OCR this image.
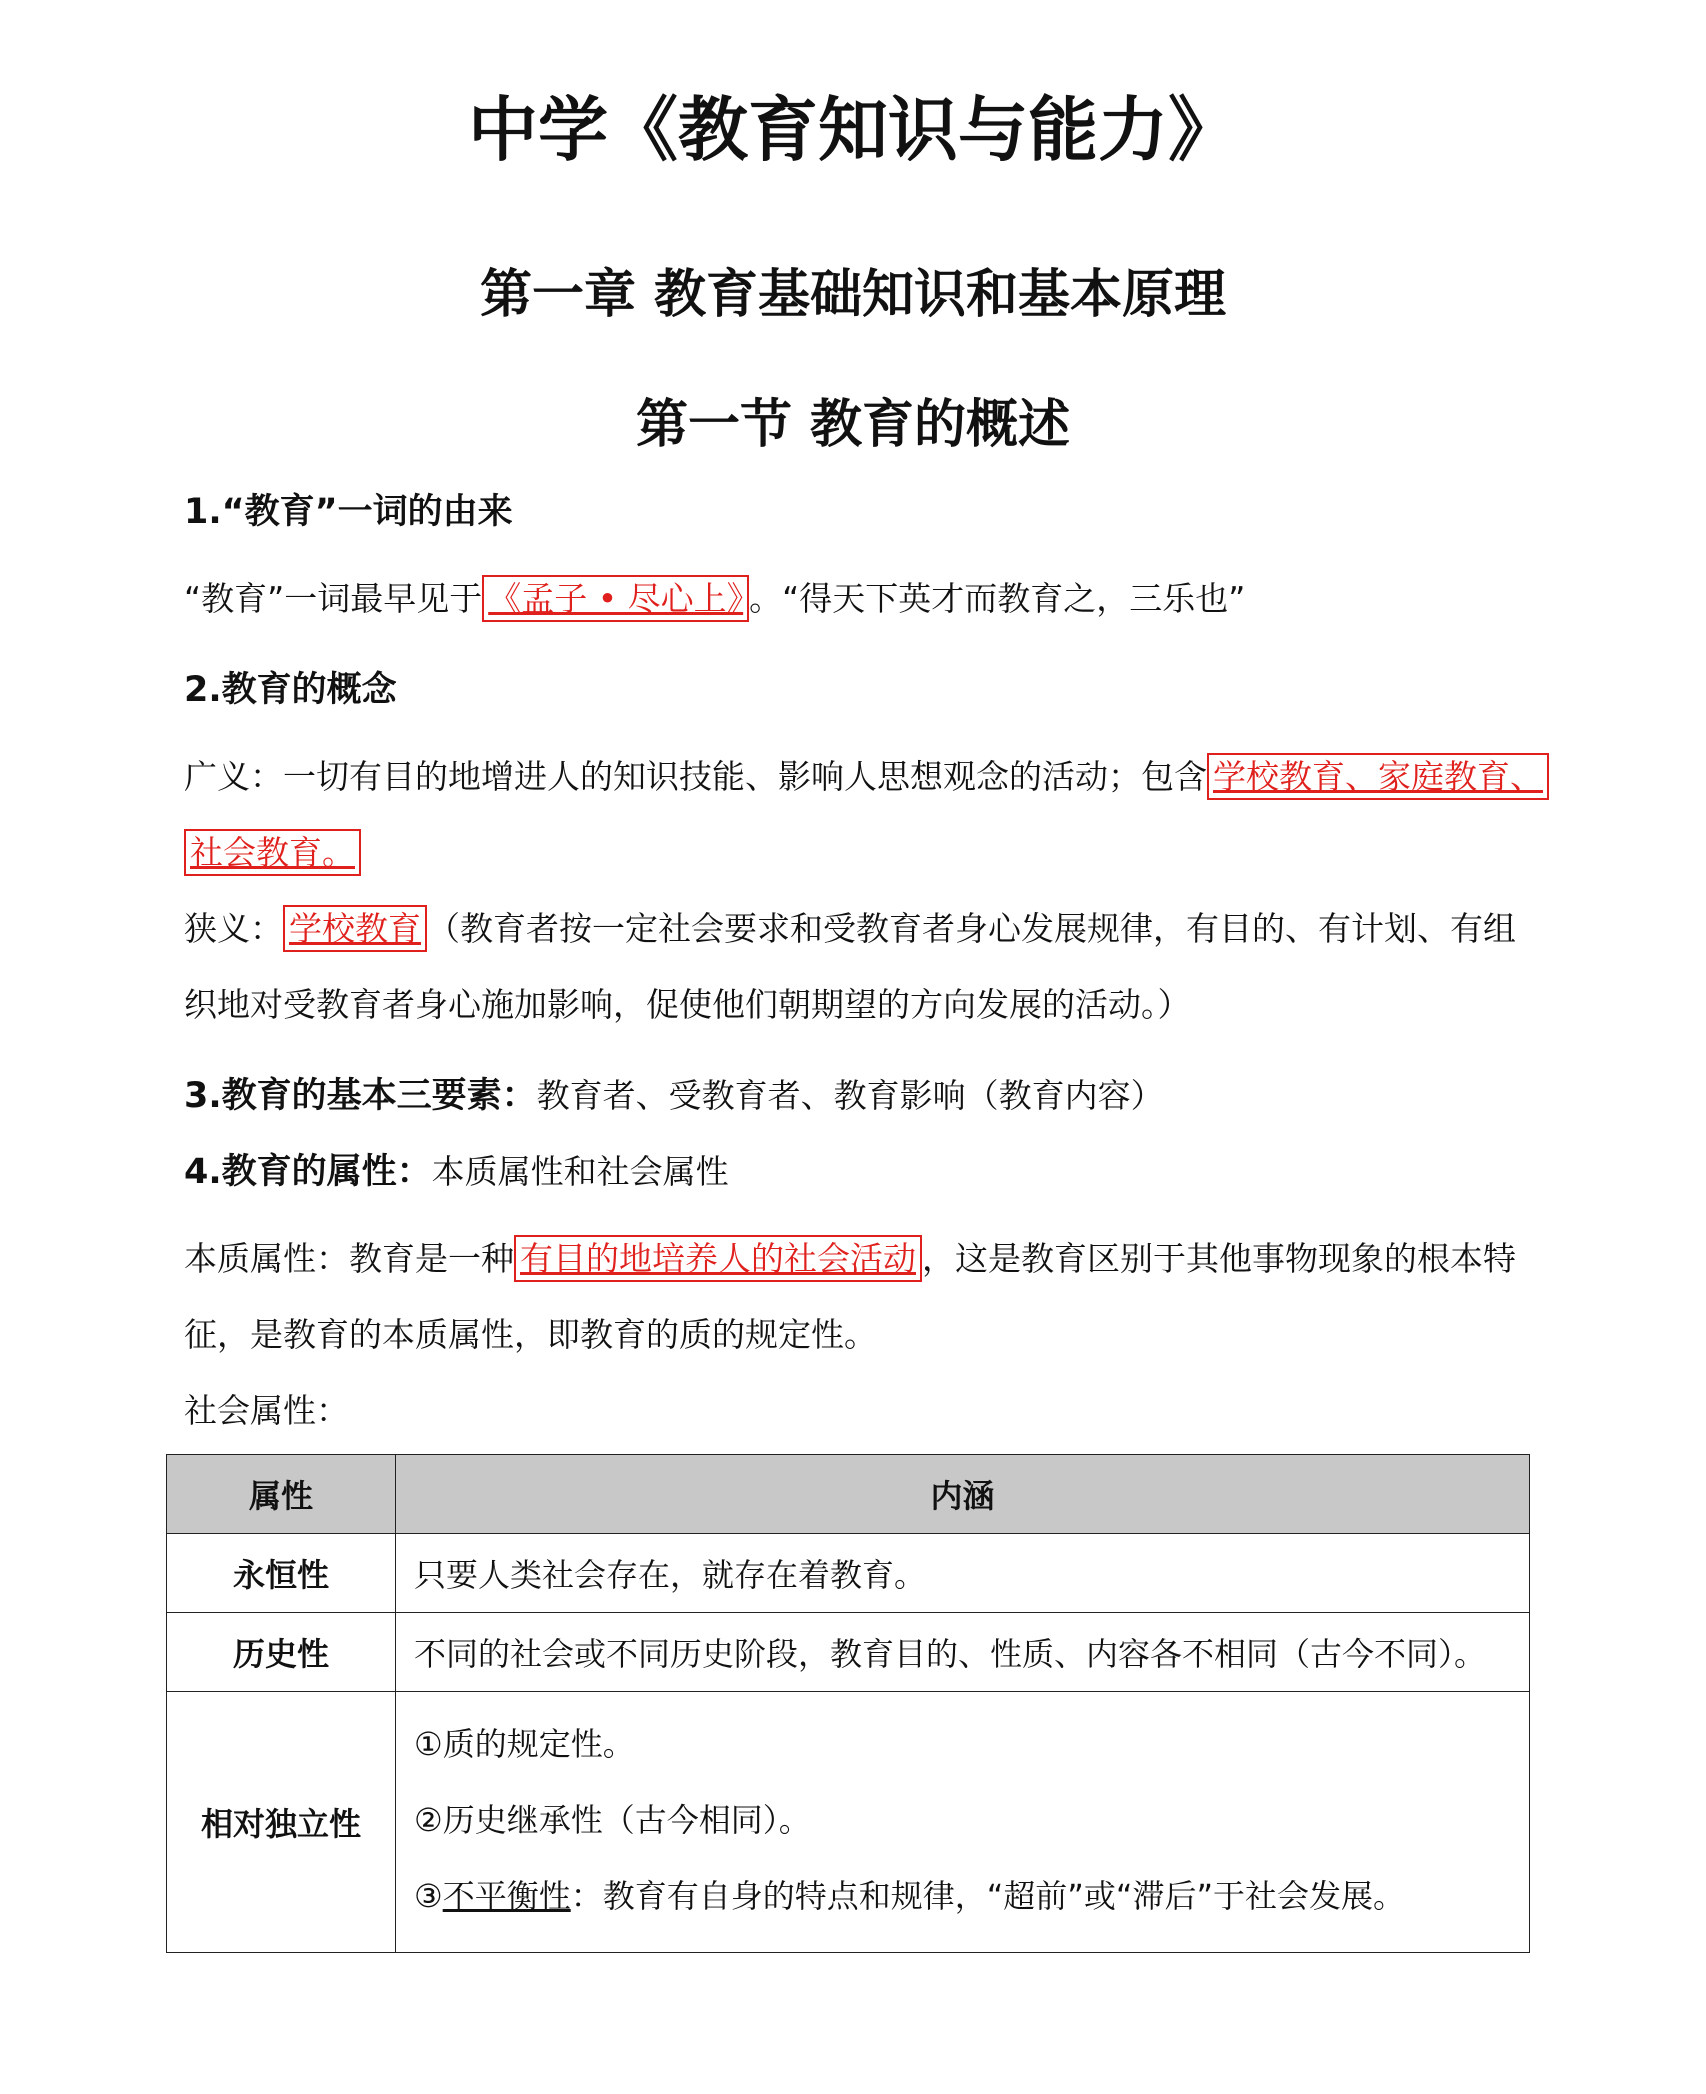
中学《教育知识与能力》
第一章 教育基础知识和基本原理
第一节 教育的概述
1.“教育”一词的由来
“教育”一词最早见于 《孟子 • 尽心上》 。“得天下英才而教育之，三乐也”
2.教育的概念
广义：一切有目的地增进人的知识技能、影响人思想观念的活动；包含 学校教育、家庭教育、
社会教育。
狭义： 学校教育 （教育者按一定社会要求和受教育者身心发展规律，有目的、有计划、有组
织地对受教育者身心施加影响，促使他们朝期望的方向发展的活动。）
3.教育的基本三要素：教育者、受教育者、教育影响（教育内容）
4.教育的属性：本质属性和社会属性
本质属性：教育是一种 有目的地培养人的社会活动 ，这是教育区别于其他事物现象的根本特
征，是教育的本质属性，即教育的质的规定性。
社会属性：
属性	内涵
永恒性	只要人类社会存在，就存在着教育。
历史性	不同的社会或不同历史阶段，教育目的、性质、内容各不相同（古今不同）。
相对独立性	①质的规定性。
②历史继承性（古今相同）。
③不平衡性：教育有自身的特点和规律，“超前”或“滞后”于社会发展。
